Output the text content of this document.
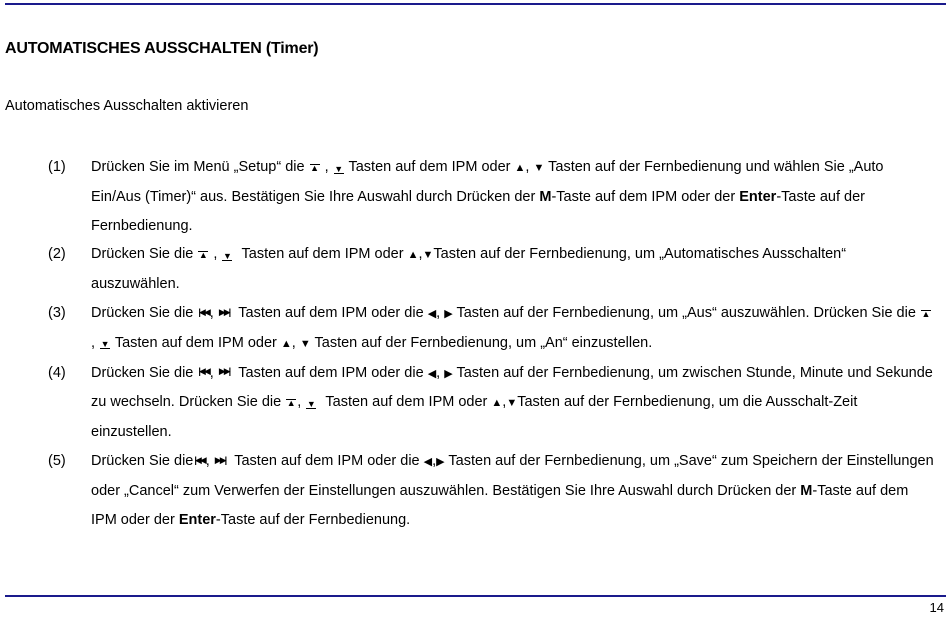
AUTOMATISCHES AUSSCHALTEN (Timer)
Automatisches Ausschalten aktivieren
(1) Drücken Sie im Menü „Setup“ die ▲ , ▼ Tasten auf dem IPM oder ▲, ▼ Tasten auf der Fernbedienung und wählen Sie „Auto Ein/Aus (Timer)“ aus. Bestätigen Sie Ihre Auswahl durch Drücken der M-Taste auf dem IPM oder der Enter-Taste auf der Fernbedienung.
(2) Drücken Sie die ▲ , ▼ Tasten auf dem IPM oder ▲,▼Tasten auf der Fernbedienung, um „Automatisches Ausschalten“ auszuwählen.
(3) Drücken Sie die |◀◀, ▶▶| Tasten auf dem IPM oder die ◀, ▶ Tasten auf der Fernbedienung, um „Aus“ auszuwählen. Drücken Sie die ▲ , ▼ Tasten auf dem IPM oder ▲, ▼ Tasten auf der Fernbedienung, um „An“ einzustellen.
(4) Drücken Sie die |◀◀, ▶▶| Tasten auf dem IPM oder die ◀, ▶ Tasten auf der Fernbedienung, um zwischen Stunde, Minute und Sekunde zu wechseln. Drücken Sie die ▲ , ▼ Tasten auf dem IPM oder ▲,▼Tasten auf der Fernbedienung, um die Ausschalt-Zeit einzustellen.
(5) Drücken Sie die|◀◀, ▶▶| Tasten auf dem IPM oder die ◀,▶ Tasten auf der Fernbedienung, um „Save“ zum Speichern der Einstellungen oder „Cancel“ zum Verwerfen der Einstellungen auszuwählen. Bestätigen Sie Ihre Auswahl durch Drücken der M-Taste auf dem IPM oder der Enter-Taste auf der Fernbedienung.
14
